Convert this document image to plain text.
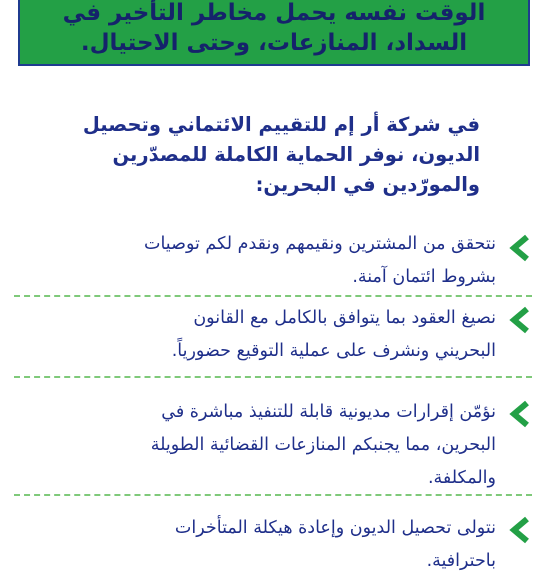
الوقت نفسه يحمل مخاطر التأخير في
السداد، المنازعات، وحتى الاحتيال.
في شركة أر إم للتقييم الائتماني وتحصيل
الديون، نوفر الحماية الكاملة للمصدّرين
والمورّدين في البحرين:
نتحقق من المشترين ونقيمهم ونقدم لكم توصيات
بشروط ائتمان آمنة.
نصيغ العقود بما يتوافق بالكامل مع القانون
البحريني ونشرف على عملية التوقيع حضورياً.
نؤمّن إقرارات مديونية قابلة للتنفيذ مباشرة في
البحرين، مما يجنبكم المنازعات القضائية الطويلة
والمكلفة.
نتولى تحصيل الديون وإعادة هيكلة المتأخرات
باحترافية.
